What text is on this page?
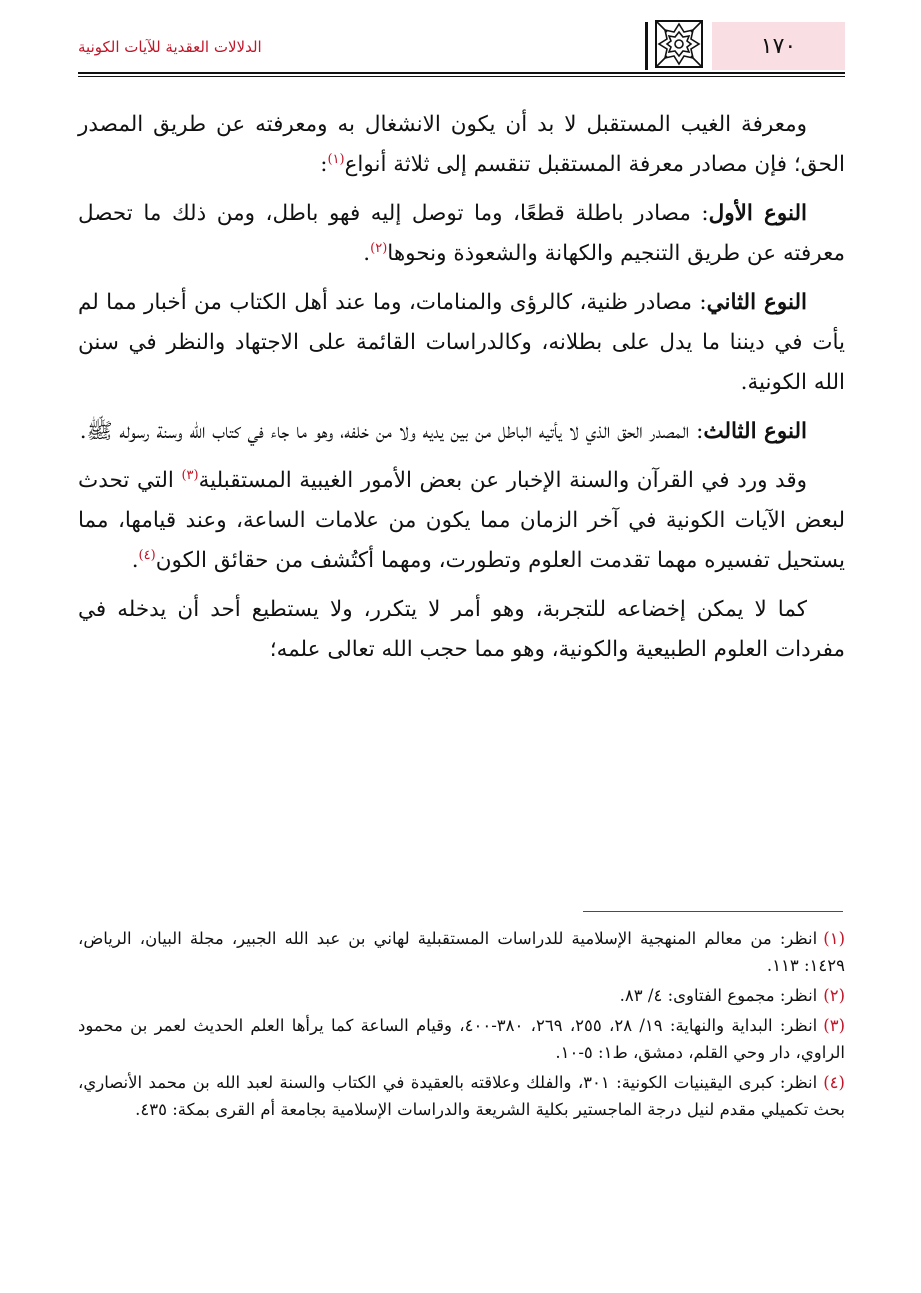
١٧٠
الدلالات العقدية للآيات الكونية

ومعرفة الغيب المستقبل لا بد أن يكون الانشغال به ومعرفته عن طريق المصدر الحق؛ فإن مصادر معرفة المستقبل تنقسم إلى ثلاثة أنواع$^{(١)}$:

النوع الأول: مصادر باطلة قطعًا، وما توصل إليه فهو باطل، ومن ذلك ما تحصل معرفته عن طريق التنجيم والكهانة والشعوذة ونحوها$^{(٢)}$.

النوع الثاني: مصادر ظنية، كالرؤى والمنامات، وما عند أهل الكتاب من أخبار مما لم يأت في ديننا ما يدل على بطلانه، وكالدراسات القائمة على الاجتهاد والنظر في سنن الله الكونية.

النوع الثالث: المصدر الحق الذي لا يأتيه الباطل من بين يديه ولا من خلفه، وهو ما جاء في كتاب الله وسنة رسوله ﷺ.

وقد ورد في القرآن والسنة الإخبار عن بعض الأمور الغيبية المستقبلية$^{(٣)}$ التي تحدث لبعض الآيات الكونية في آخر الزمان مما يكون من علامات الساعة، وعند قيامها، مما يستحيل تفسيره مهما تقدمت العلوم وتطورت، ومهما أكتُشف من حقائق الكون$^{(٤)}$.

كما لا يمكن إخضاعه للتجربة، وهو أمر لا يتكرر، ولا يستطيع أحد أن يدخله في مفردات العلوم الطبيعية والكونية، وهو مما حجب الله تعالى علمه؛

(١)انظر: من معالم المنهجية الإسلامية للدراسات المستقبلية لهاني بن عبد الله الجبير، مجلة البيان، الرياض، ١٤٢٩: ١١٣.

(٢)انظر: مجموع الفتاوى: ٤/ ٨٣.

(٣)انظر: البداية والنهاية: ١٩/ ٢٨، ٢٥٥، ٢٦٩، ٣٨٠-٤٠٠، وقيام الساعة كما يرأها العلم الحديث لعمر بن محمود الراوي، دار وحي القلم، دمشق، ط١: ٥-١٠.

(٤)انظر: كبرى اليقينيات الكونية: ٣٠١، والفلك وعلاقته بالعقيدة في الكتاب والسنة لعبد الله بن محمد الأنصاري، بحث تكميلي مقدم لنيل درجة الماجستير بكلية الشريعة والدراسات الإسلامية بجامعة أم القرى بمكة: ٤٣٥.
